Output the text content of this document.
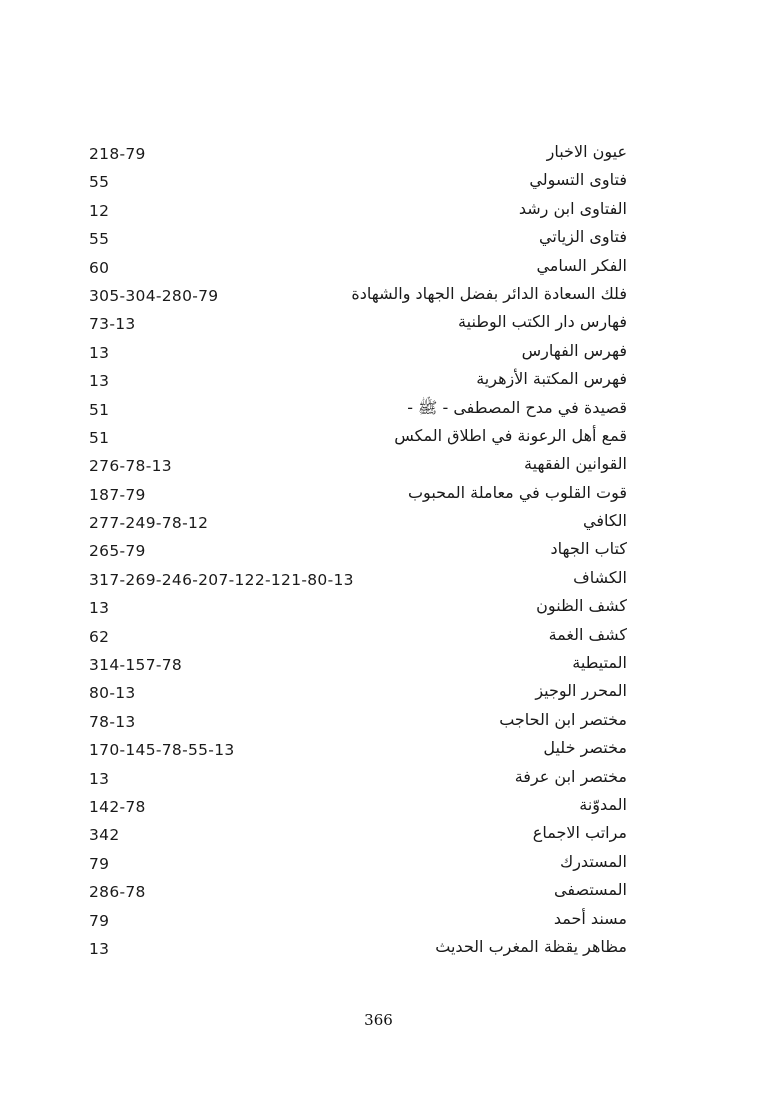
218-79	عيون الاخبار
55	فتاوى التسولي
12	الفتاوى ابن رشد
55	فتاوى الزياتي
60	الفكر السامي
305-304-280-79	فلك السعادة الدائر بفضل الجهاد والشهادة
73-13	فهارس دار الكتب الوطنية
13	فهرس الفهارس
13	فهرس المكتبة الأزهرية
51	قصيدة في مدح المصطفى - ﷺ -
51	قمع أهل الرعونة في اطلاق المكس
276-78-13	القوانين الفقهية
187-79	قوت القلوب في معاملة المحبوب
277-249-78-12	الكافي
265-79	كتاب الجهاد
317-269-246-207-122-121-80-13	الكشاف
13	كشف الظنون
62	كشف الغمة
314-157-78	المتيطية
80-13	المحرر الوجيز
78-13	مختصر ابن الحاجب
170-145-78-55-13	مختصر خليل
13	مختصر ابن عرفة
142-78	المدوّنة
342	مراتب الاجماع
79	المستدرك
286-78	المستصفى
79	مسند أحمد
13	مظاهر يقظة المغرب الحديث
366
